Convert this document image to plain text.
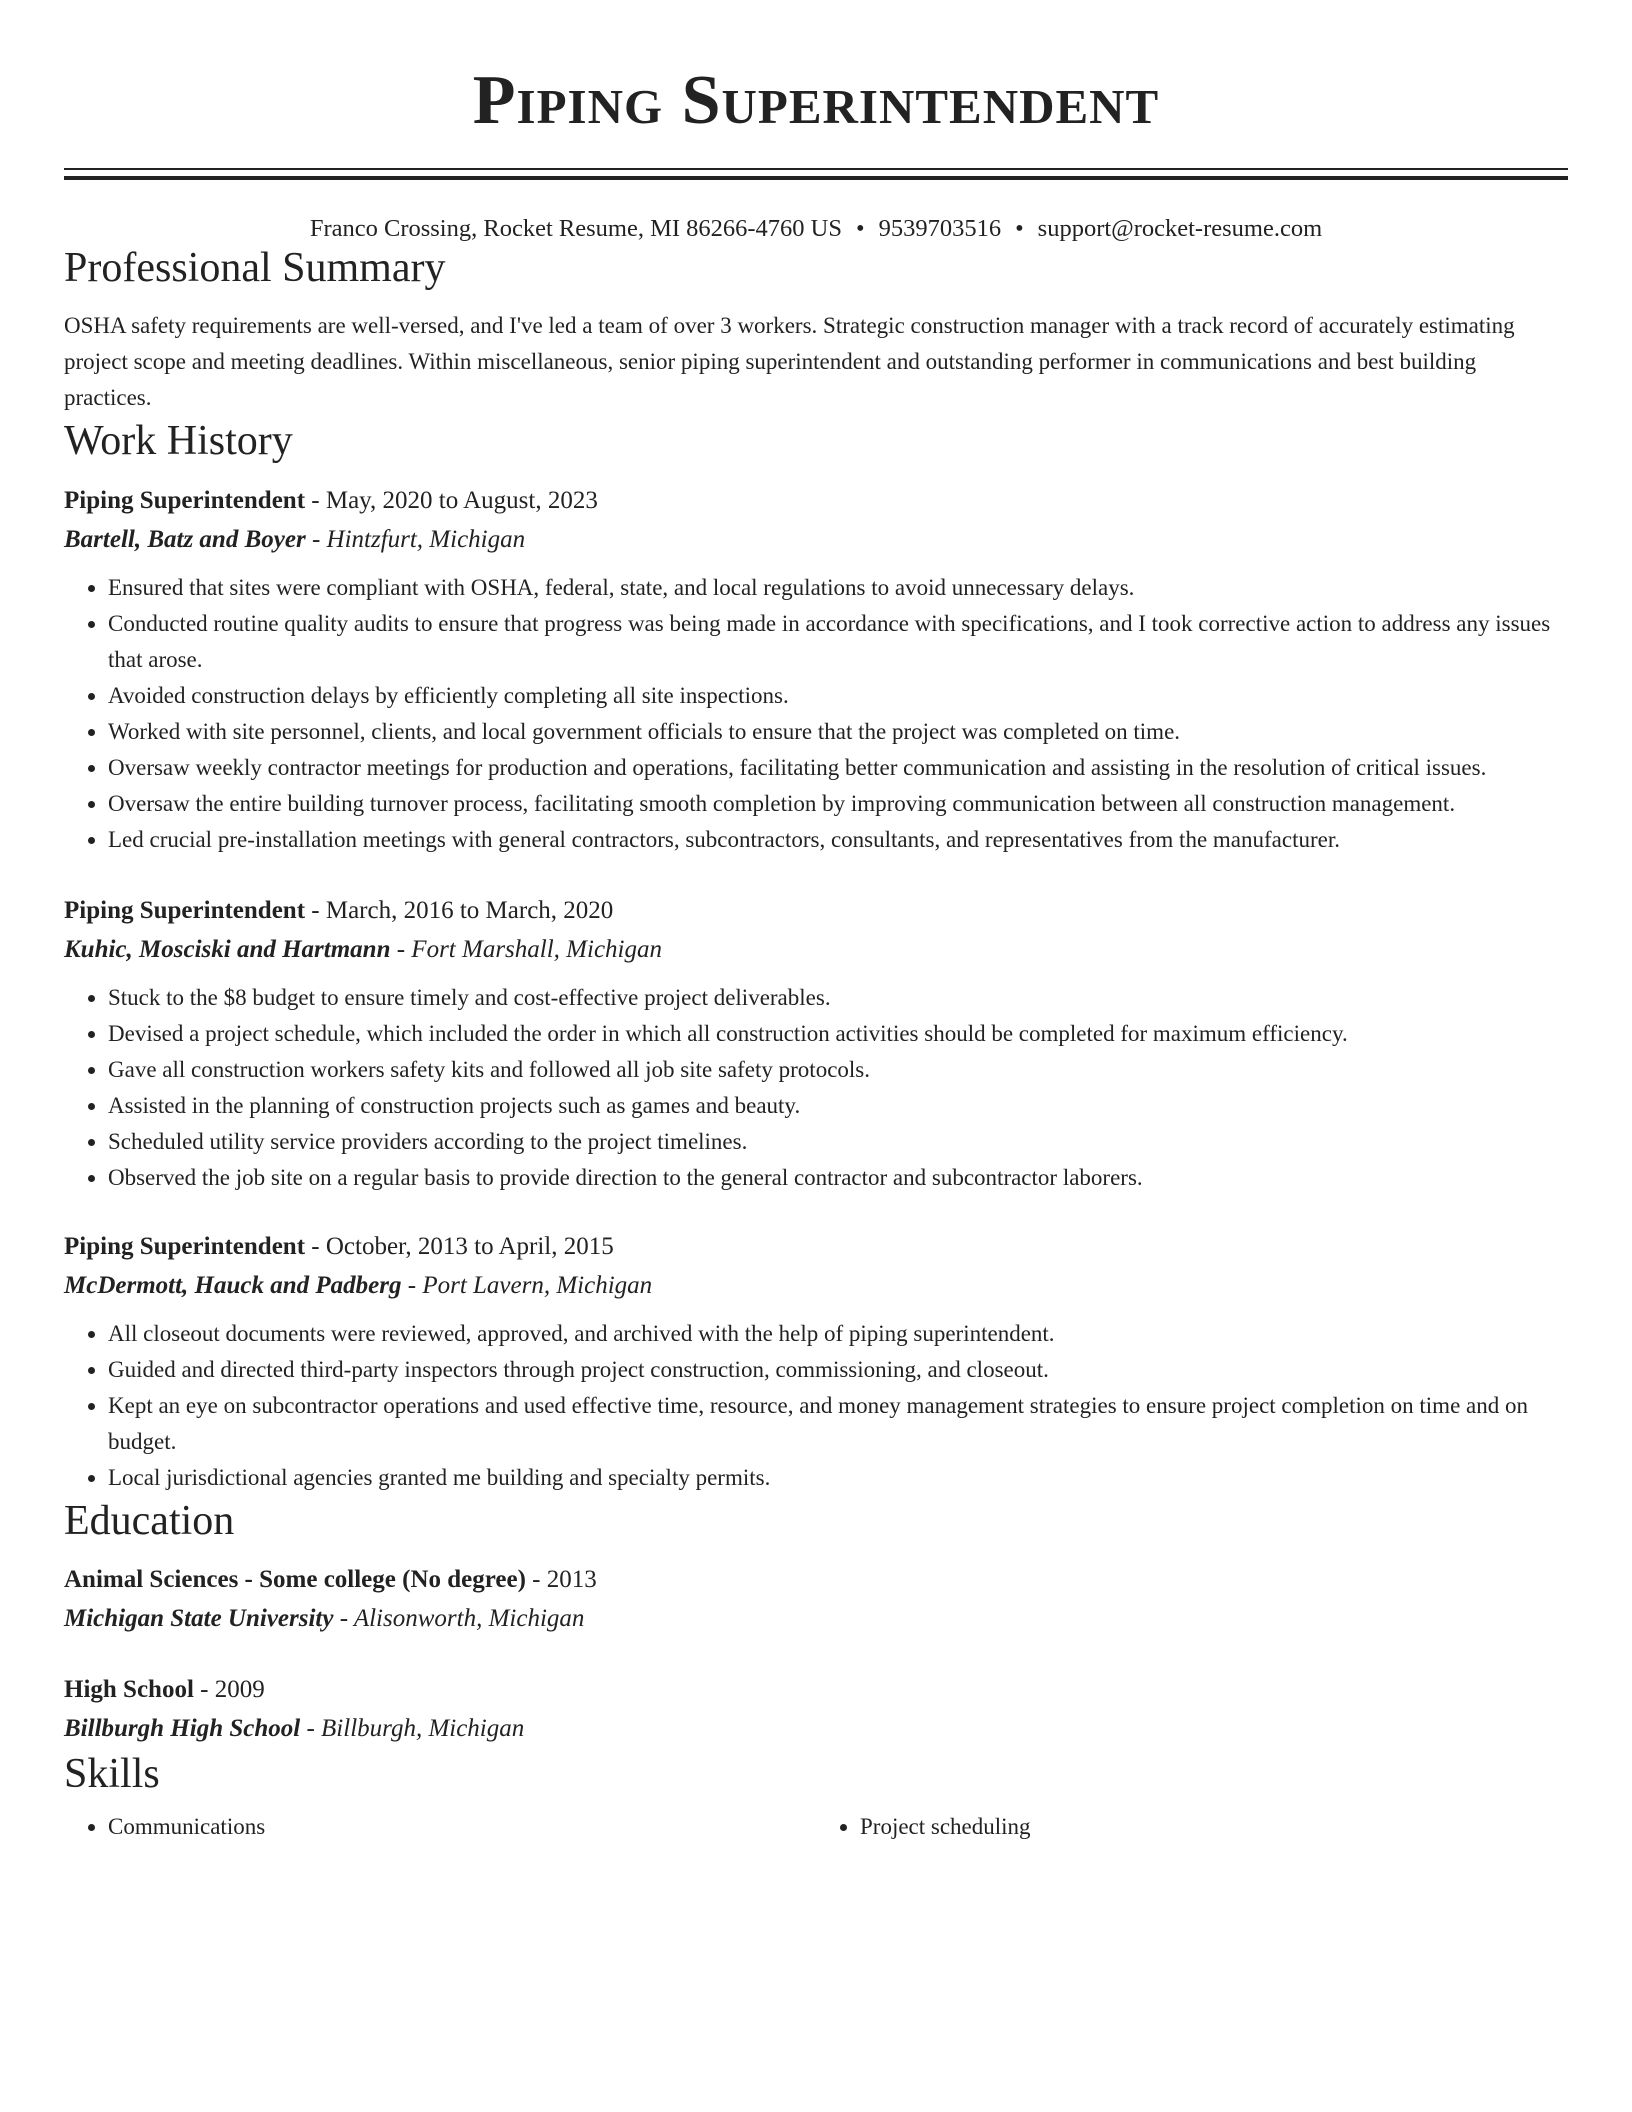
Piping Superintendent
Franco Crossing, Rocket Resume, MI 86266-4760 US • 9539703516 • support@rocket-resume.com
Professional Summary

OSHA safety requirements are well-versed, and I've led a team of over 3 workers. Strategic construction manager with a track record of accurately estimating project scope and meeting deadlines. Within miscellaneous, senior piping superintendent and outstanding performer in communications and best building practices.

Work History
Piping Superintendent - May, 2020 to August, 2023
Bartell, Batz and Boyer - Hintzfurt, Michigan
• Ensured that sites were compliant with OSHA, federal, state, and local regulations to avoid unnecessary delays.
• Conducted routine quality audits to ensure that progress was being made in accordance with specifications, and I took corrective action to address any issues that arose.
• Avoided construction delays by efficiently completing all site inspections.
• Worked with site personnel, clients, and local government officials to ensure that the project was completed on time.
• Oversaw weekly contractor meetings for production and operations, facilitating better communication and assisting in the resolution of critical issues.
• Oversaw the entire building turnover process, facilitating smooth completion by improving communication between all construction management.
• Led crucial pre-installation meetings with general contractors, subcontractors, consultants, and representatives from the manufacturer.
Piping Superintendent - March, 2016 to March, 2020
Kuhic, Mosciski and Hartmann - Fort Marshall, Michigan
• Stuck to the $8 budget to ensure timely and cost-effective project deliverables.
• Devised a project schedule, which included the order in which all construction activities should be completed for maximum efficiency.
• Gave all construction workers safety kits and followed all job site safety protocols.
• Assisted in the planning of construction projects such as games and beauty.
• Scheduled utility service providers according to the project timelines.
• Observed the job site on a regular basis to provide direction to the general contractor and subcontractor laborers.
Piping Superintendent - October, 2013 to April, 2015
McDermott, Hauck and Padberg - Port Lavern, Michigan
• All closeout documents were reviewed, approved, and archived with the help of piping superintendent.
• Guided and directed third-party inspectors through project construction, commissioning, and closeout.
• Kept an eye on subcontractor operations and used effective time, resource, and money management strategies to ensure project completion on time and on budget.
• Local jurisdictional agencies granted me building and specialty permits.
Education
Animal Sciences - Some college (No degree) - 2013
Michigan State University - Alisonworth, Michigan
High School - 2009
Billburgh High School - Billburgh, Michigan
Skills
• Communications
•	Project scheduling
